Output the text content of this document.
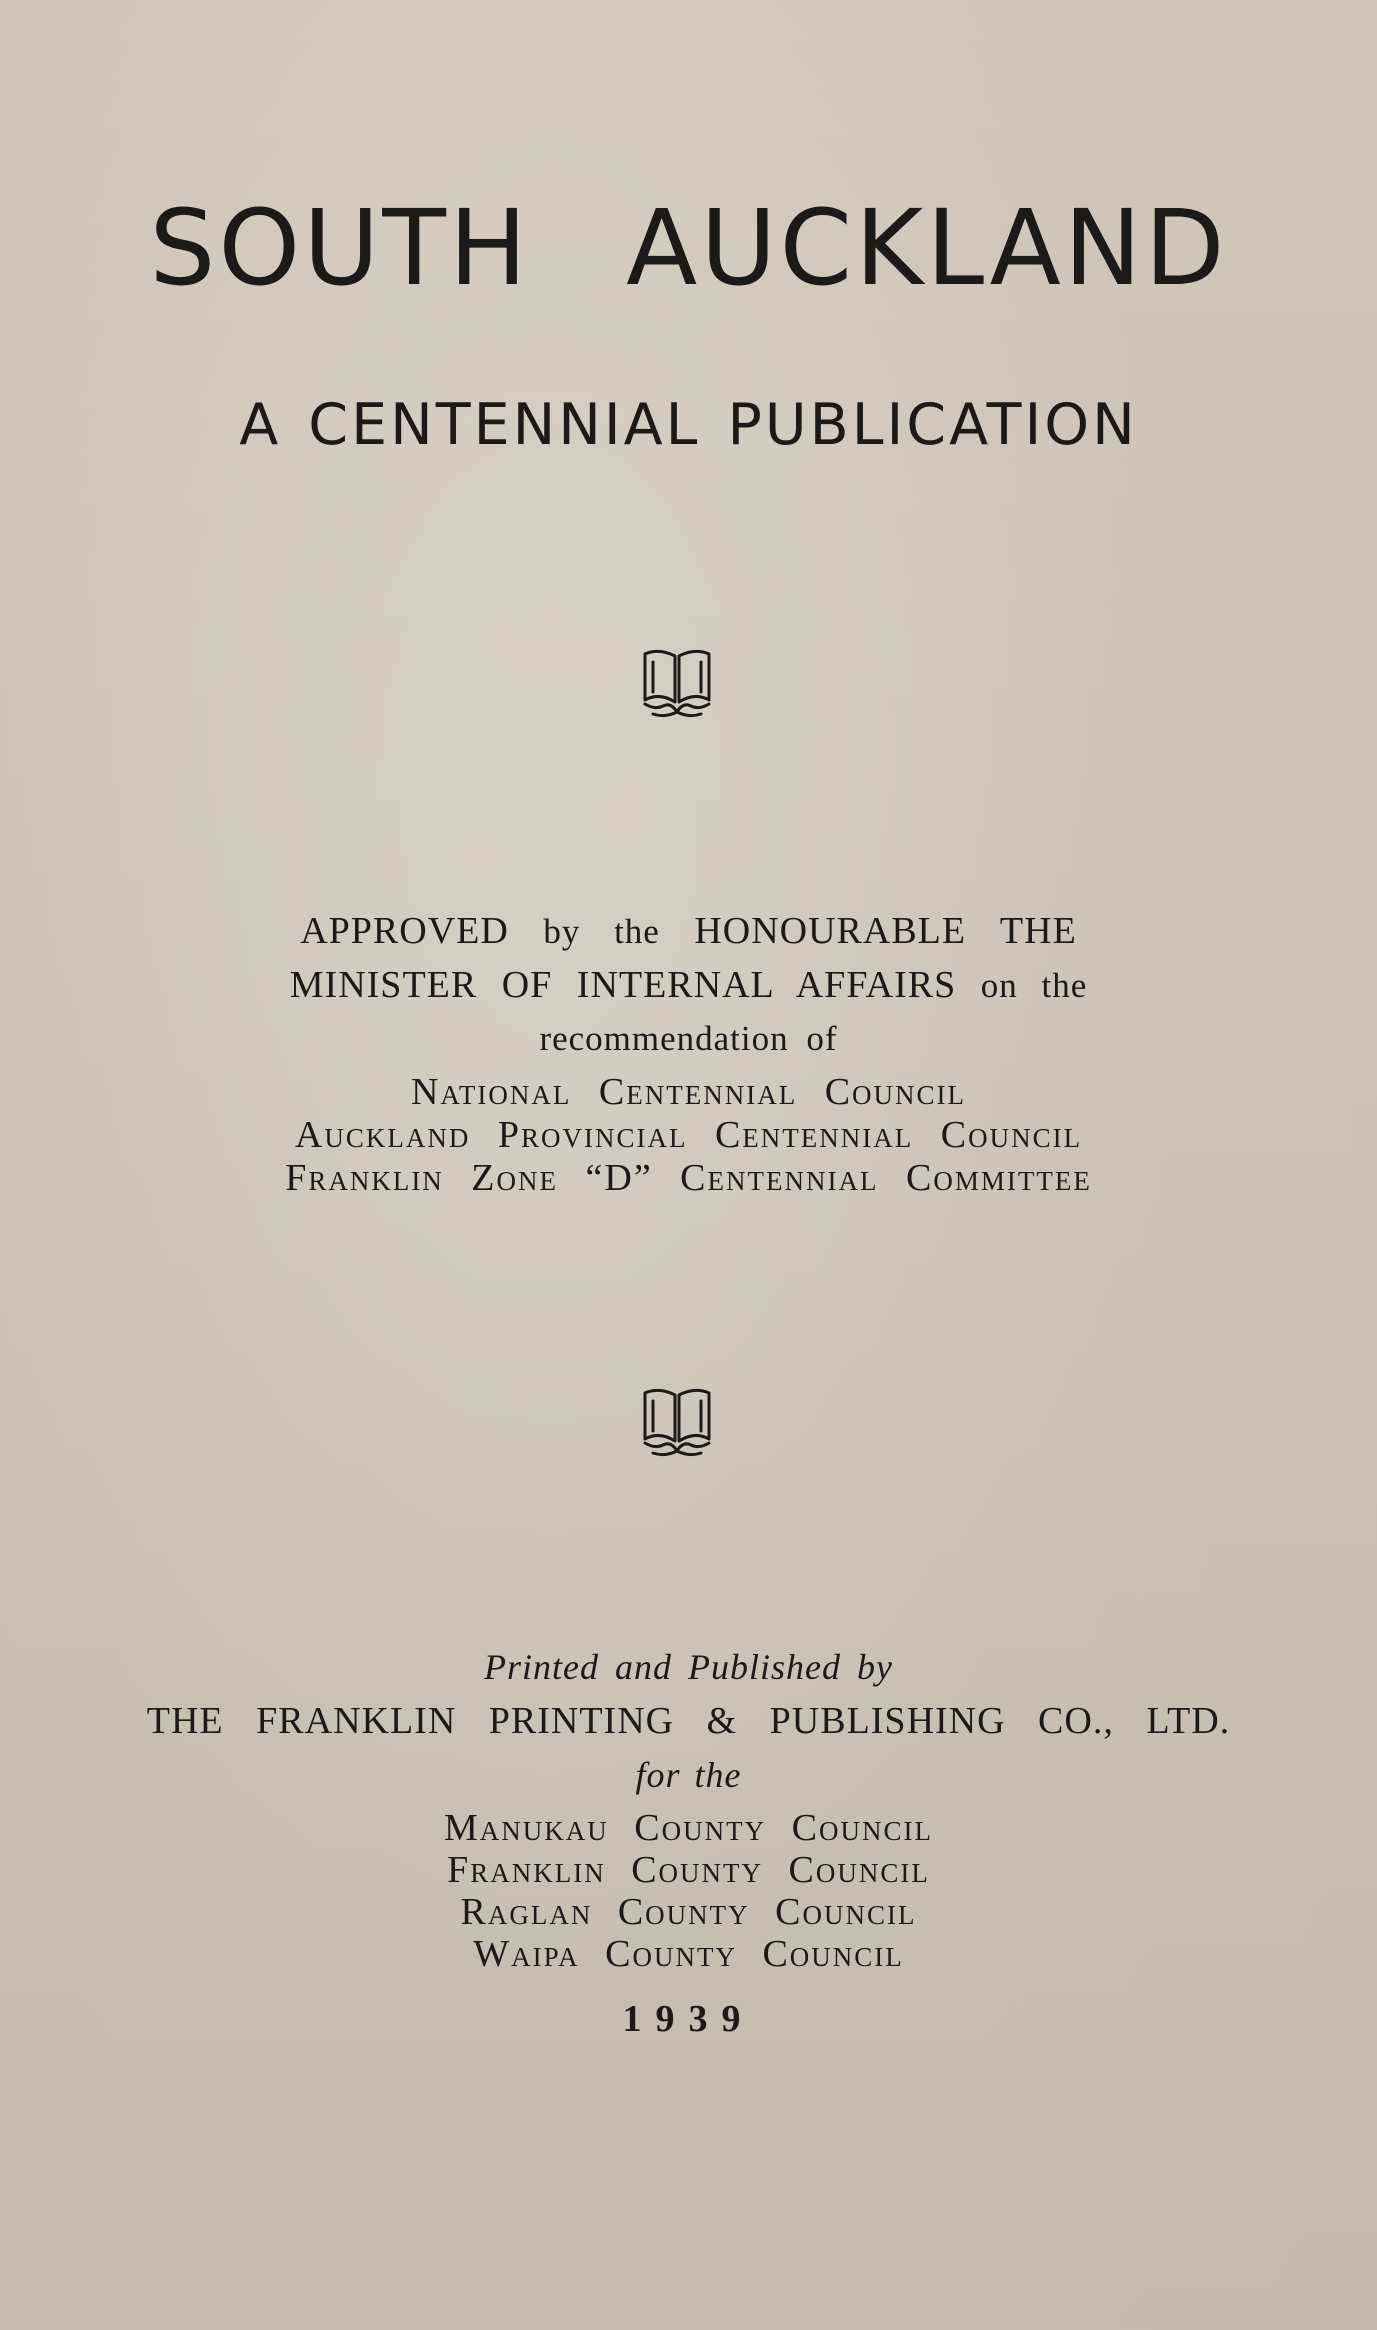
SOUTH AUCKLAND
A CENTENNIAL PUBLICATION
APPROVED by the HONOURABLE THE
MINISTER OF INTERNAL AFFAIRS on the
recommendation of
National Centennial Council
Auckland Provincial Centennial Council
Franklin Zone “D” Centennial Committee
Printed and Published by
THE FRANKLIN PRINTING & PUBLISHING CO., LTD.
for the
Manukau County Council
Franklin County Council
Raglan County Council
Waipa County Council
1939
